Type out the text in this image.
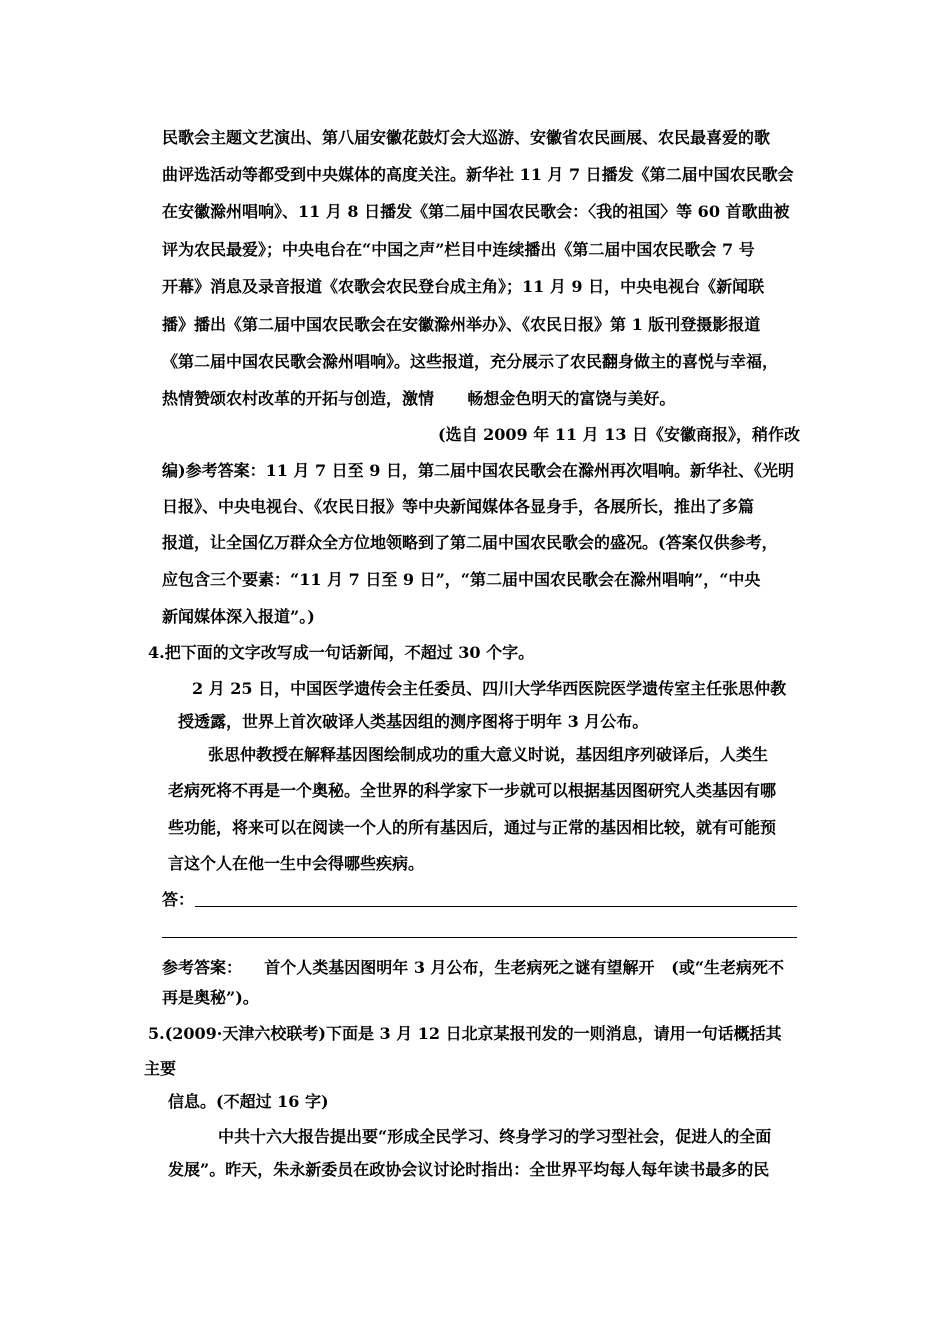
民歌会主题文艺演出、第八届安徽花鼓灯会大巡游、安徽省农民画展、农民最喜爱的歌
曲评选活动等都受到中央媒体的高度关注。新华社 11 月 7 日播发《第二届中国农民歌会
在安徽滁州唱响》、11 月 8 日播发《第二届中国农民歌会：〈我的祖国〉等 60 首歌曲被
评为农民最爱》；中央电台在“中国之声”栏目中连续播出《第二届中国农民歌会 7 号
开幕》消息及录音报道《农歌会农民登台成主角》；11 月 9 日，中央电视台《新闻联
播》播出《第二届中国农民歌会在安徽滁州举办》、《农民日报》第 1 版刊登摄影报道
《第二届中国农民歌会滁州唱响》。这些报道，充分展示了农民翻身做主的喜悦与幸福，
热情赞颂农村改革的开拓与创造，激情      畅想金色明天的富饶与美好。
(选自 2009 年 11 月 13 日《安徽商报》，稍作改
编)参考答案：11 月 7 日至 9 日，第二届中国农民歌会在滁州再次唱响。新华社、《光明
日报》、中央电视台、《农民日报》等中央新闻媒体各显身手，各展所长，推出了多篇
报道，让全国亿万群众全方位地领略到了第二届中国农民歌会的盛况。(答案仅供参考，
应包含三个要素：“11 月 7 日至 9 日”，“第二届中国农民歌会在滁州唱响”，“中央
新闻媒体深入报道”。)
4.把下面的文字改写成一句话新闻，不超过 30 个字。
2 月 25 日，中国医学遗传会主任委员、四川大学华西医院医学遗传室主任张思仲教
授透露，世界上首次破译人类基因组的测序图将于明年 3 月公布。
张思仲教授在解释基因图绘制成功的重大意义时说，基因组序列破译后，人类生
老病死将不再是一个奥秘。全世界的科学家下一步就可以根据基因图研究人类基因有哪
些功能，将来可以在阅读一个人的所有基因后，通过与正常的基因相比较，就有可能预
言这个人在他一生中会得哪些疾病。
答：
参考答案：    首个人类基因图明年 3 月公布，生老病死之谜有望解开   (或“生老病死不
再是奥秘”)。
5.(2009·天津六校联考)下面是 3 月 12 日北京某报刊发的一则消息，请用一句话概括其
主要
信息。(不超过 16 字)
中共十六大报告提出要“形成全民学习、终身学习的学习型社会，促进人的全面
发展”。昨天，朱永新委员在政协会议讨论时指出：全世界平均每人每年读书最多的民
